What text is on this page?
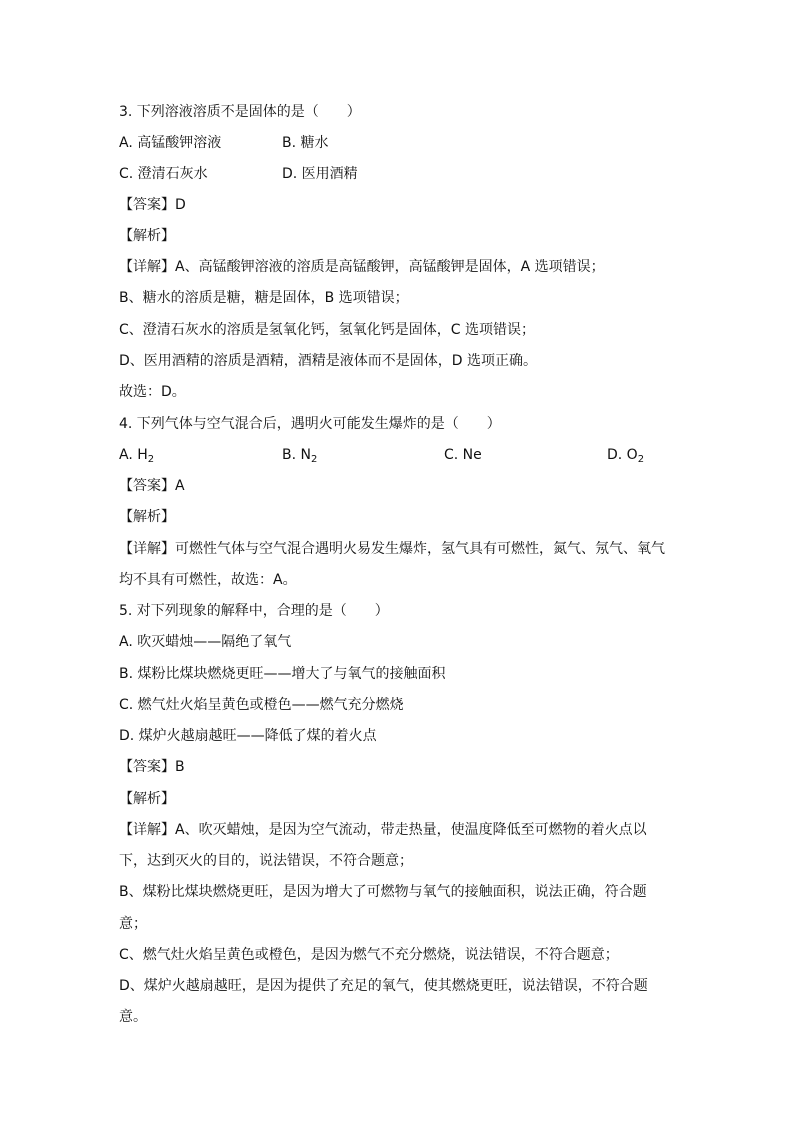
3. 下列溶液溶质不是固体的是（　　）
A. 高锰酸钾溶液	B. 糖水
C. 澄清石灰水	D. 医用酒精
【答案】D
【解析】
【详解】A、高锰酸钾溶液的溶质是高锰酸钾，高锰酸钾是固体，A 选项错误；
B、糖水的溶质是糖，糖是固体，B 选项错误；
C、澄清石灰水的溶质是氢氧化钙，氢氧化钙是固体，C 选项错误；
D、医用酒精的溶质是酒精，酒精是液体而不是固体，D 选项正确。
故选：D。
4. 下列气体与空气混合后，遇明火可能发生爆炸的是（　　）
A. $H_2$	B. $N_2$	C. Ne	D. $O_2$
【答案】A
【解析】
【详解】可燃性气体与空气混合遇明火易发生爆炸，氢气具有可燃性，氮气、氖气、氧气
均不具有可燃性，故选：A。
5. 对下列现象的解释中，合理的是（　　）
A. 吹灭蜡烛——隔绝了氧气
B. 煤粉比煤块燃烧更旺——增大了与氧气的接触面积
C. 燃气灶火焰呈黄色或橙色——燃气充分燃烧
D. 煤炉火越扇越旺——降低了煤的着火点
【答案】B
【解析】
【详解】A、吹灭蜡烛，是因为空气流动，带走热量，使温度降低至可燃物的着火点以
下，达到灭火的目的，说法错误，不符合题意；
B、煤粉比煤块燃烧更旺，是因为增大了可燃物与氧气的接触面积，说法正确，符合题
意；
C、燃气灶火焰呈黄色或橙色，是因为燃气不充分燃烧，说法错误，不符合题意；
D、煤炉火越扇越旺，是因为提供了充足的氧气，使其燃烧更旺，说法错误，不符合题
意。
